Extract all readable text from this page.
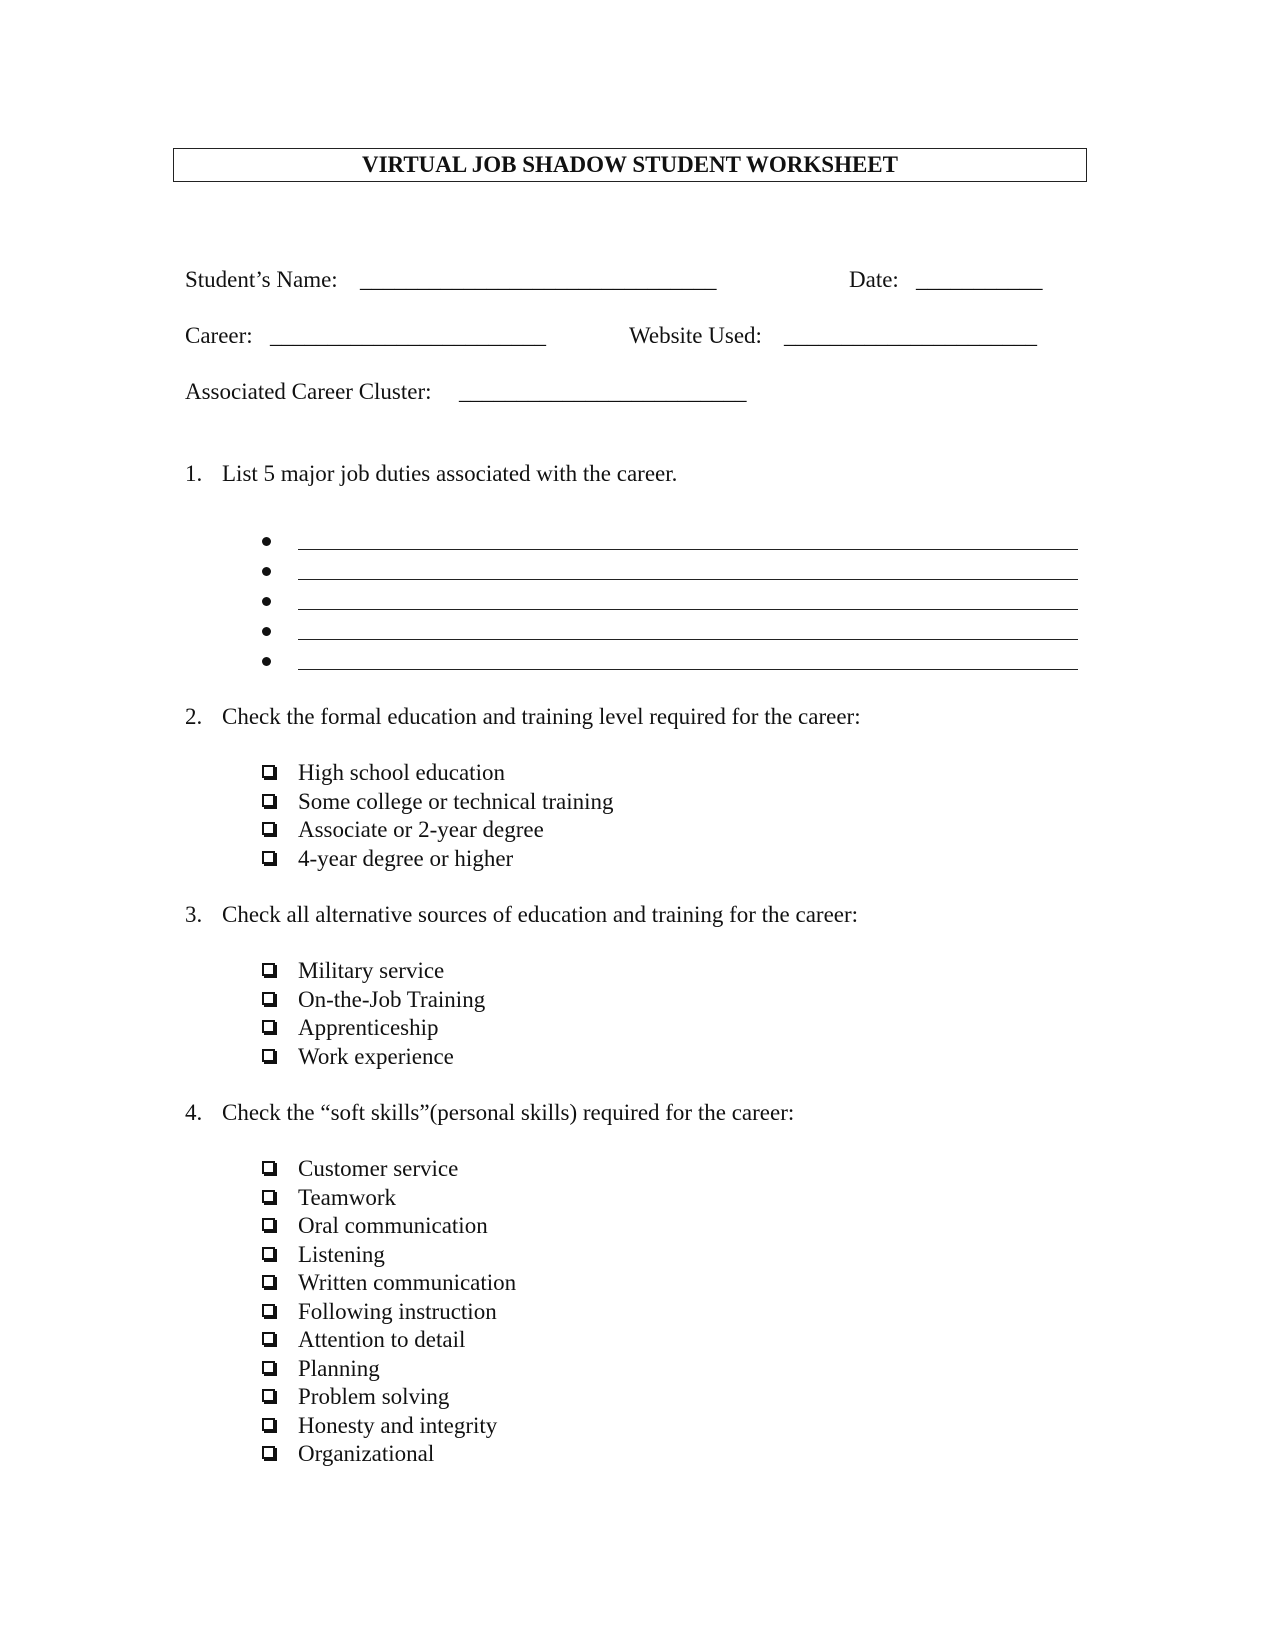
VIRTUAL JOB SHADOW STUDENT WORKSHEET
Student’s Name: _______________________________	Date: ___________
Career: ________________________	Website Used: ______________________
Associated Career Cluster: _________________________
1. List 5 major job duties associated with the career.
2. Check the formal education and training level required for the career:
High school education
Some college or technical training
Associate or 2-year degree
4-year degree or higher
3. Check all alternative sources of education and training for the career:
Military service
On-the-Job Training
Apprenticeship
Work experience
4. Check the “soft skills”(personal skills) required for the career:
Customer service
Teamwork
Oral communication
Listening
Written communication
Following instruction
Attention to detail
Planning
Problem solving
Honesty and integrity
Organizational
